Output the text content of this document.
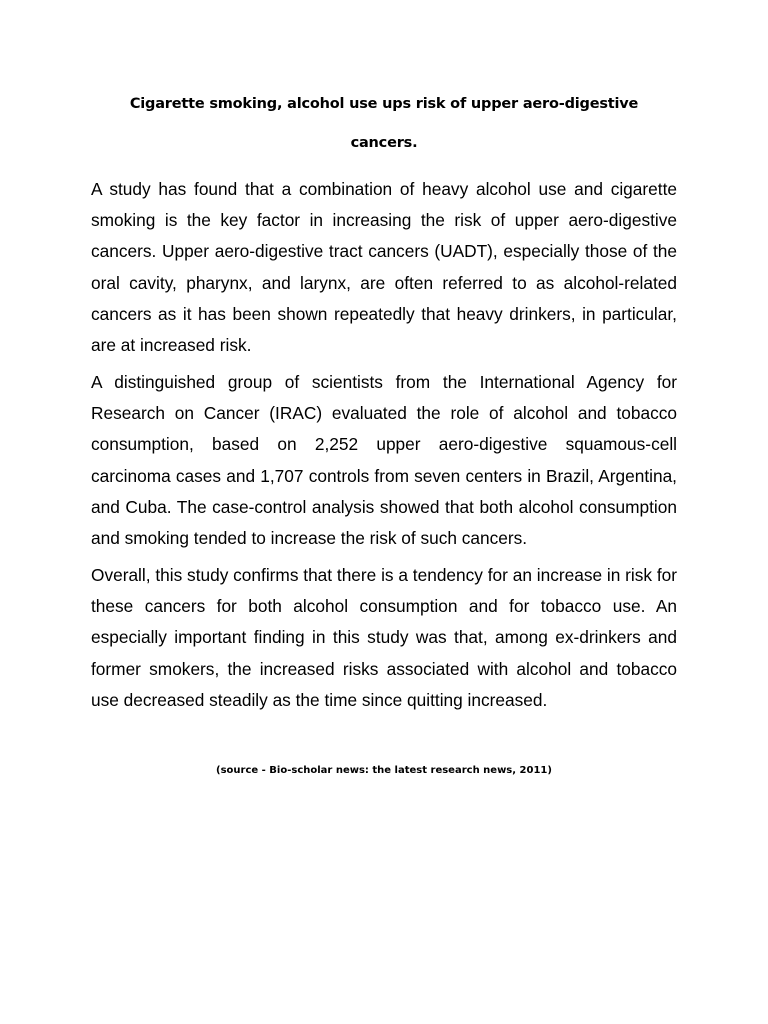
Cigarette smoking, alcohol use ups risk of upper aero-digestive
cancers.

A study has found that a combination of heavy alcohol use and cigarette smoking is the key factor in increasing the risk of upper aero-digestive cancers. Upper aero-digestive tract cancers (UADT), especially those of the oral cavity, pharynx, and larynx, are often referred to as alcohol-related cancers as it has been shown repeatedly that heavy drinkers, in particular, are at increased risk.

A distinguished group of scientists from the International Agency for Research on Cancer (IRAC) evaluated the role of alcohol and tobacco consumption, based on 2,252 upper aero-digestive squamous-cell carcinoma cases and 1,707 controls from seven centers in Brazil, Argentina, and Cuba. The case-control analysis showed that both alcohol consumption and smoking tended to increase the risk of such cancers.

Overall, this study confirms that there is a tendency for an increase in risk for these cancers for both alcohol consumption and for tobacco use. An especially important finding in this study was that, among ex-drinkers and former smokers, the increased risks associated with alcohol and tobacco use decreased steadily as the time since quitting increased.

(source - Bio-scholar news: the latest research news, 2011)
